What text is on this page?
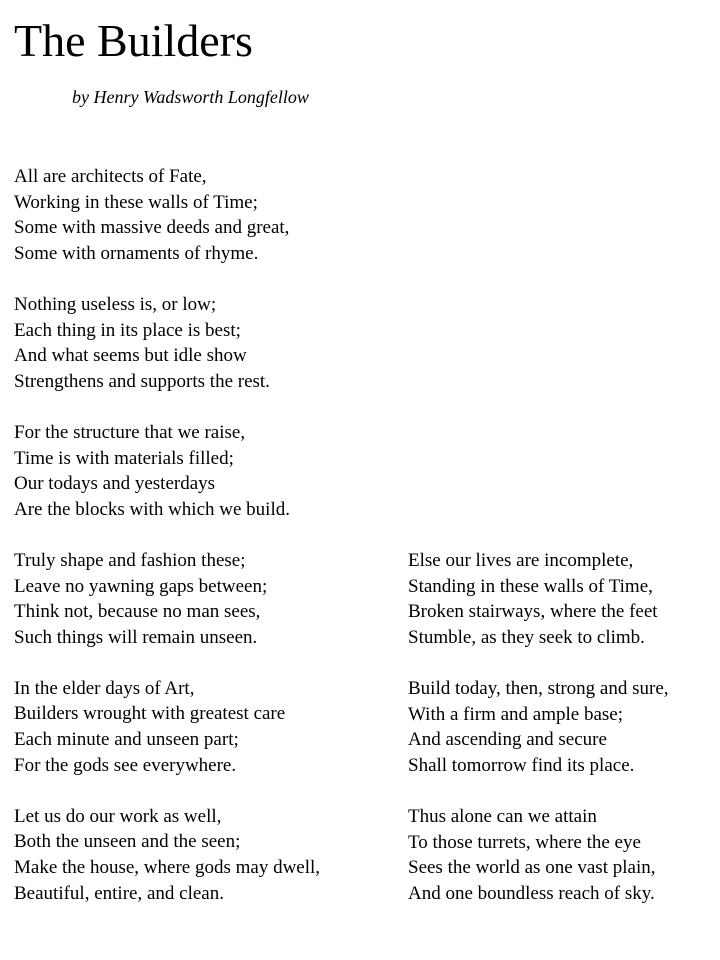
The Builders
by Henry Wadsworth Longfellow
All are architects of Fate,
Working in these walls of Time;
Some with massive deeds and great,
Some with ornaments of rhyme.
Nothing useless is, or low;
Each thing in its place is best;
And what seems but idle show
Strengthens and supports the rest.
For the structure that we raise,
Time is with materials filled;
Our todays and yesterdays
Are the blocks with which we build.
Truly shape and fashion these;
Leave no yawning gaps between;
Think not, because no man sees,
Such things will remain unseen.
In the elder days of Art,
Builders wrought with greatest care
Each minute and unseen part;
For the gods see everywhere.
Let us do our work as well,
Both the unseen and the seen;
Make the house, where gods may dwell,
Beautiful, entire, and clean.
Else our lives are incomplete,
Standing in these walls of Time,
Broken stairways, where the feet
Stumble, as they seek to climb.
Build today, then, strong and sure,
With a firm and ample base;
And ascending and secure
Shall tomorrow find its place.
Thus alone can we attain
To those turrets, where the eye
Sees the world as one vast plain,
And one boundless reach of sky.
